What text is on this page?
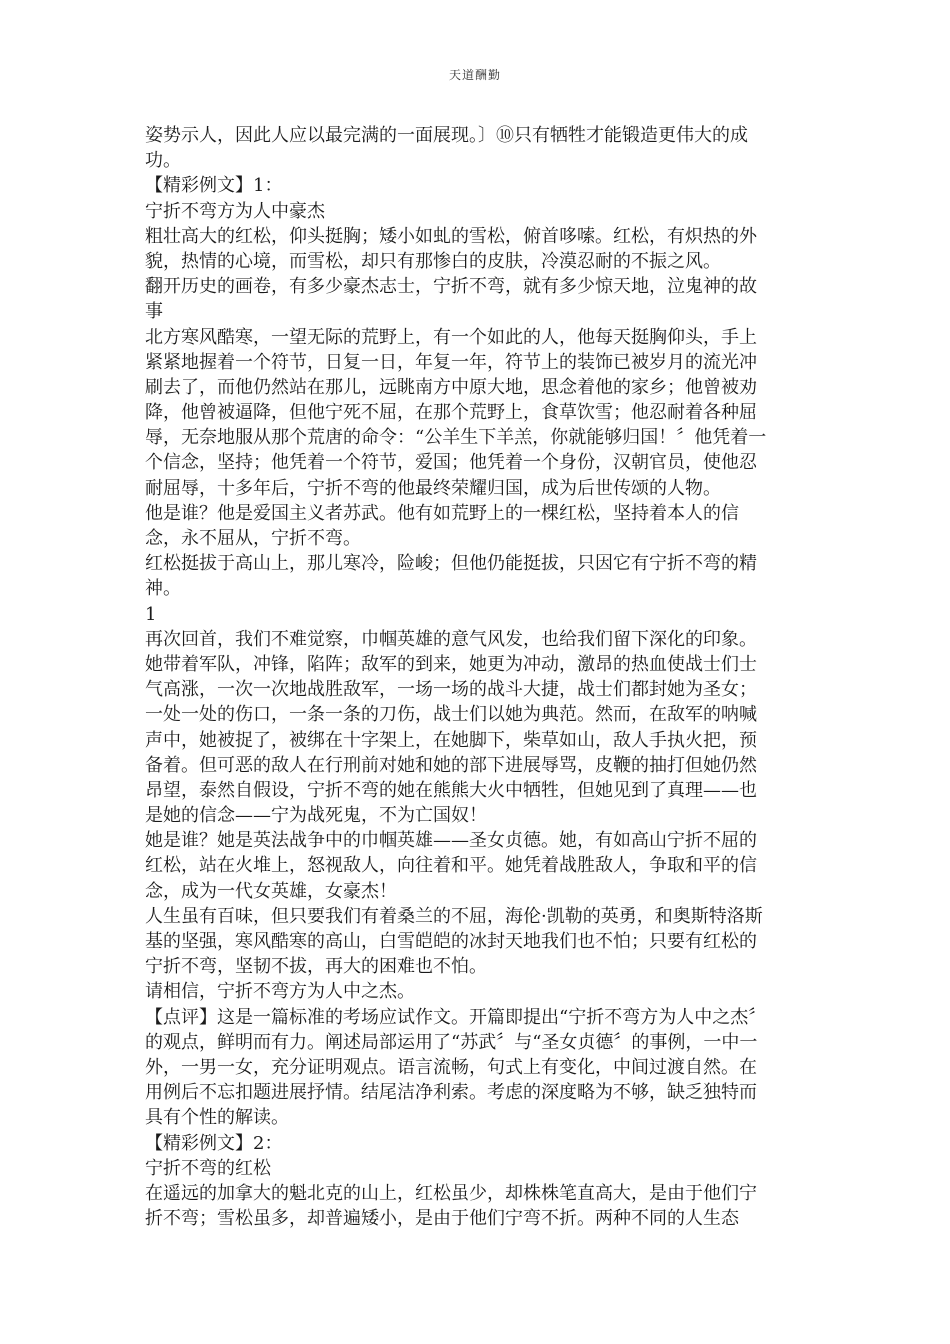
天道酬勤
姿势示人，因此人应以最完满的一面展现。〕⑩只有牺牲才能锻造更伟大的成
功。
【精彩例文】1：
宁折不弯方为人中豪杰
粗壮高大的红松，仰头挺胸；矮小如虬的雪松，俯首哆嗦。红松，有炽热的外
貌，热情的心境，而雪松，却只有那惨白的皮肤，冷漠忍耐的不振之风。
翻开历史的画卷，有多少豪杰志士，宁折不弯，就有多少惊天地，泣鬼神的故
事
北方寒风酷寒，一望无际的荒野上，有一个如此的人，他每天挺胸仰头，手上
紧紧地握着一个符节，日复一日，年复一年，符节上的装饰已被岁月的流光冲
刷去了，而他仍然站在那儿，远眺南方中原大地，思念着他的家乡；他曾被劝
降，他曾被逼降，但他宁死不屈，在那个荒野上，食草饮雪；他忍耐着各种屈
辱，无奈地服从那个荒唐的命令：“公羊生下羊羔，你就能够归国！〞他凭着一
个信念，坚持；他凭着一个符节，爱国；他凭着一个身份，汉朝官员，使他忍
耐屈辱，十多年后，宁折不弯的他最终荣耀归国，成为后世传颂的人物。
他是谁？他是爱国主义者苏武。他有如荒野上的一棵红松，坚持着本人的信
念，永不屈从，宁折不弯。
红松挺拔于高山上，那儿寒冷，险峻；但他仍能挺拔，只因它有宁折不弯的精
神。
1
再次回首，我们不难觉察，巾帼英雄的意气风发，也给我们留下深化的印象。
她带着军队，冲锋，陷阵；敌军的到来，她更为冲动，激昂的热血使战士们士
气高涨，一次一次地战胜敌军，一场一场的战斗大捷，战士们都封她为圣女；
一处一处的伤口，一条一条的刀伤，战士们以她为典范。然而，在敌军的呐喊
声中，她被捉了，被绑在十字架上，在她脚下，柴草如山，敌人手执火把，预
备着。但可恶的敌人在行刑前对她和她的部下进展辱骂，皮鞭的抽打但她仍然
昂望，泰然自假设，宁折不弯的她在熊熊大火中牺牲，但她见到了真理——也
是她的信念——宁为战死鬼，不为亡国奴！
她是谁？她是英法战争中的巾帼英雄——圣女贞德。她，有如高山宁折不屈的
红松，站在火堆上，怒视敌人，向往着和平。她凭着战胜敌人，争取和平的信
念，成为一代女英雄，女豪杰！
人生虽有百味，但只要我们有着桑兰的不屈，海伦·凯勒的英勇，和奥斯特洛斯
基的坚强，寒风酷寒的高山，白雪皑皑的冰封天地我们也不怕；只要有红松的
宁折不弯，坚韧不拔，再大的困难也不怕。
请相信，宁折不弯方为人中之杰。
【点评】这是一篇标准的考场应试作文。开篇即提出“宁折不弯方为人中之杰〞
的观点，鲜明而有力。阐述局部运用了“苏武〞与“圣女贞德〞的事例，一中一
外，一男一女，充分证明观点。语言流畅，句式上有变化，中间过渡自然。在
用例后不忘扣题进展抒情。结尾洁净利索。考虑的深度略为不够，缺乏独特而
具有个性的解读。
【精彩例文】2：
宁折不弯的红松
在遥远的加拿大的魁北克的山上，红松虽少，却株株笔直高大，是由于他们宁
折不弯；雪松虽多，却普遍矮小，是由于他们宁弯不折。两种不同的人生态
